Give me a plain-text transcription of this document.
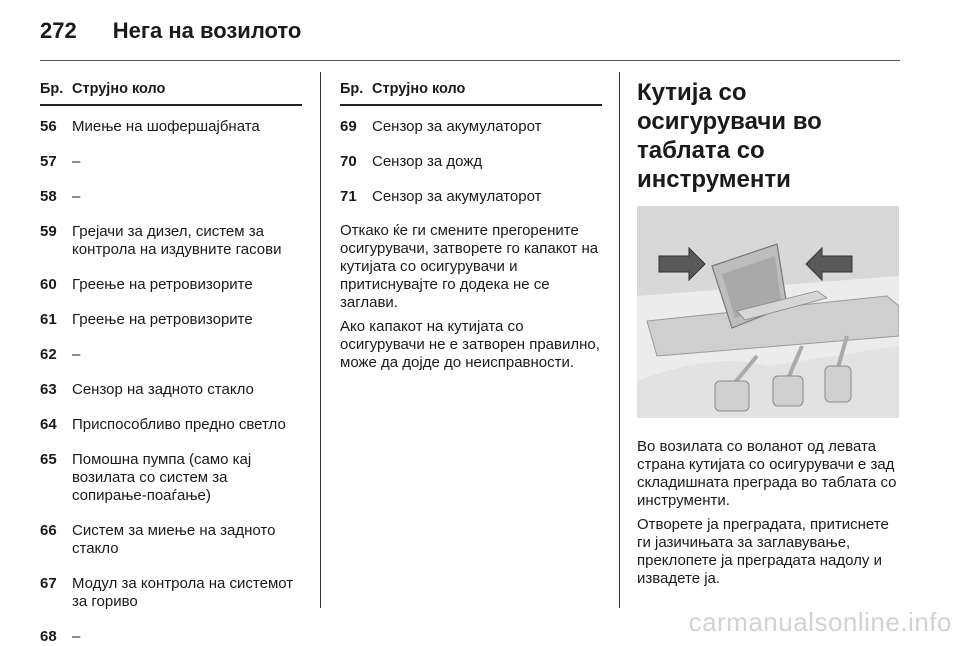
272 Нега на возилото
Бр. Струјно коло
56	Миење на шофершајбната
57	–
58	–
59	Грејачи за дизел, систем за контрола на издувните гасови
60	Греење на ретровизорите
61	Греење на ретровизорите
62	–
63	Сензор на задното стакло
64	Приспособливо предно светло
65	Помошна пумпа (само кај возилата со систем за сопирање-поаѓање)
66	Систем за миење на задното стакло
67	Модул за контрола на системот за гориво
68	–
Бр. Струјно коло
69	Сензор за акумулаторот
70	Сензор за дожд
71	Сензор за акумулаторот
Откако ќе ги смените прегорените осигурувачи, затворете го капакот на кутијата со осигурувачи и притиснувајте го додека не се заглави.
Ако капакот на кутијата со осигурувачи не е затворен правилно, може да дојде до неисправности.
Кутија со осигурувачи во таблата со инструменти
Во возилата со воланот од левата страна кутијата со осигурувачи е зад складишната преграда во таблата со инструменти.
Отворете ја преградата, притиснете ги јазичињата за заглавување, преклопете ја преградата надолу и извадете ја.
carmanualsonline.info
